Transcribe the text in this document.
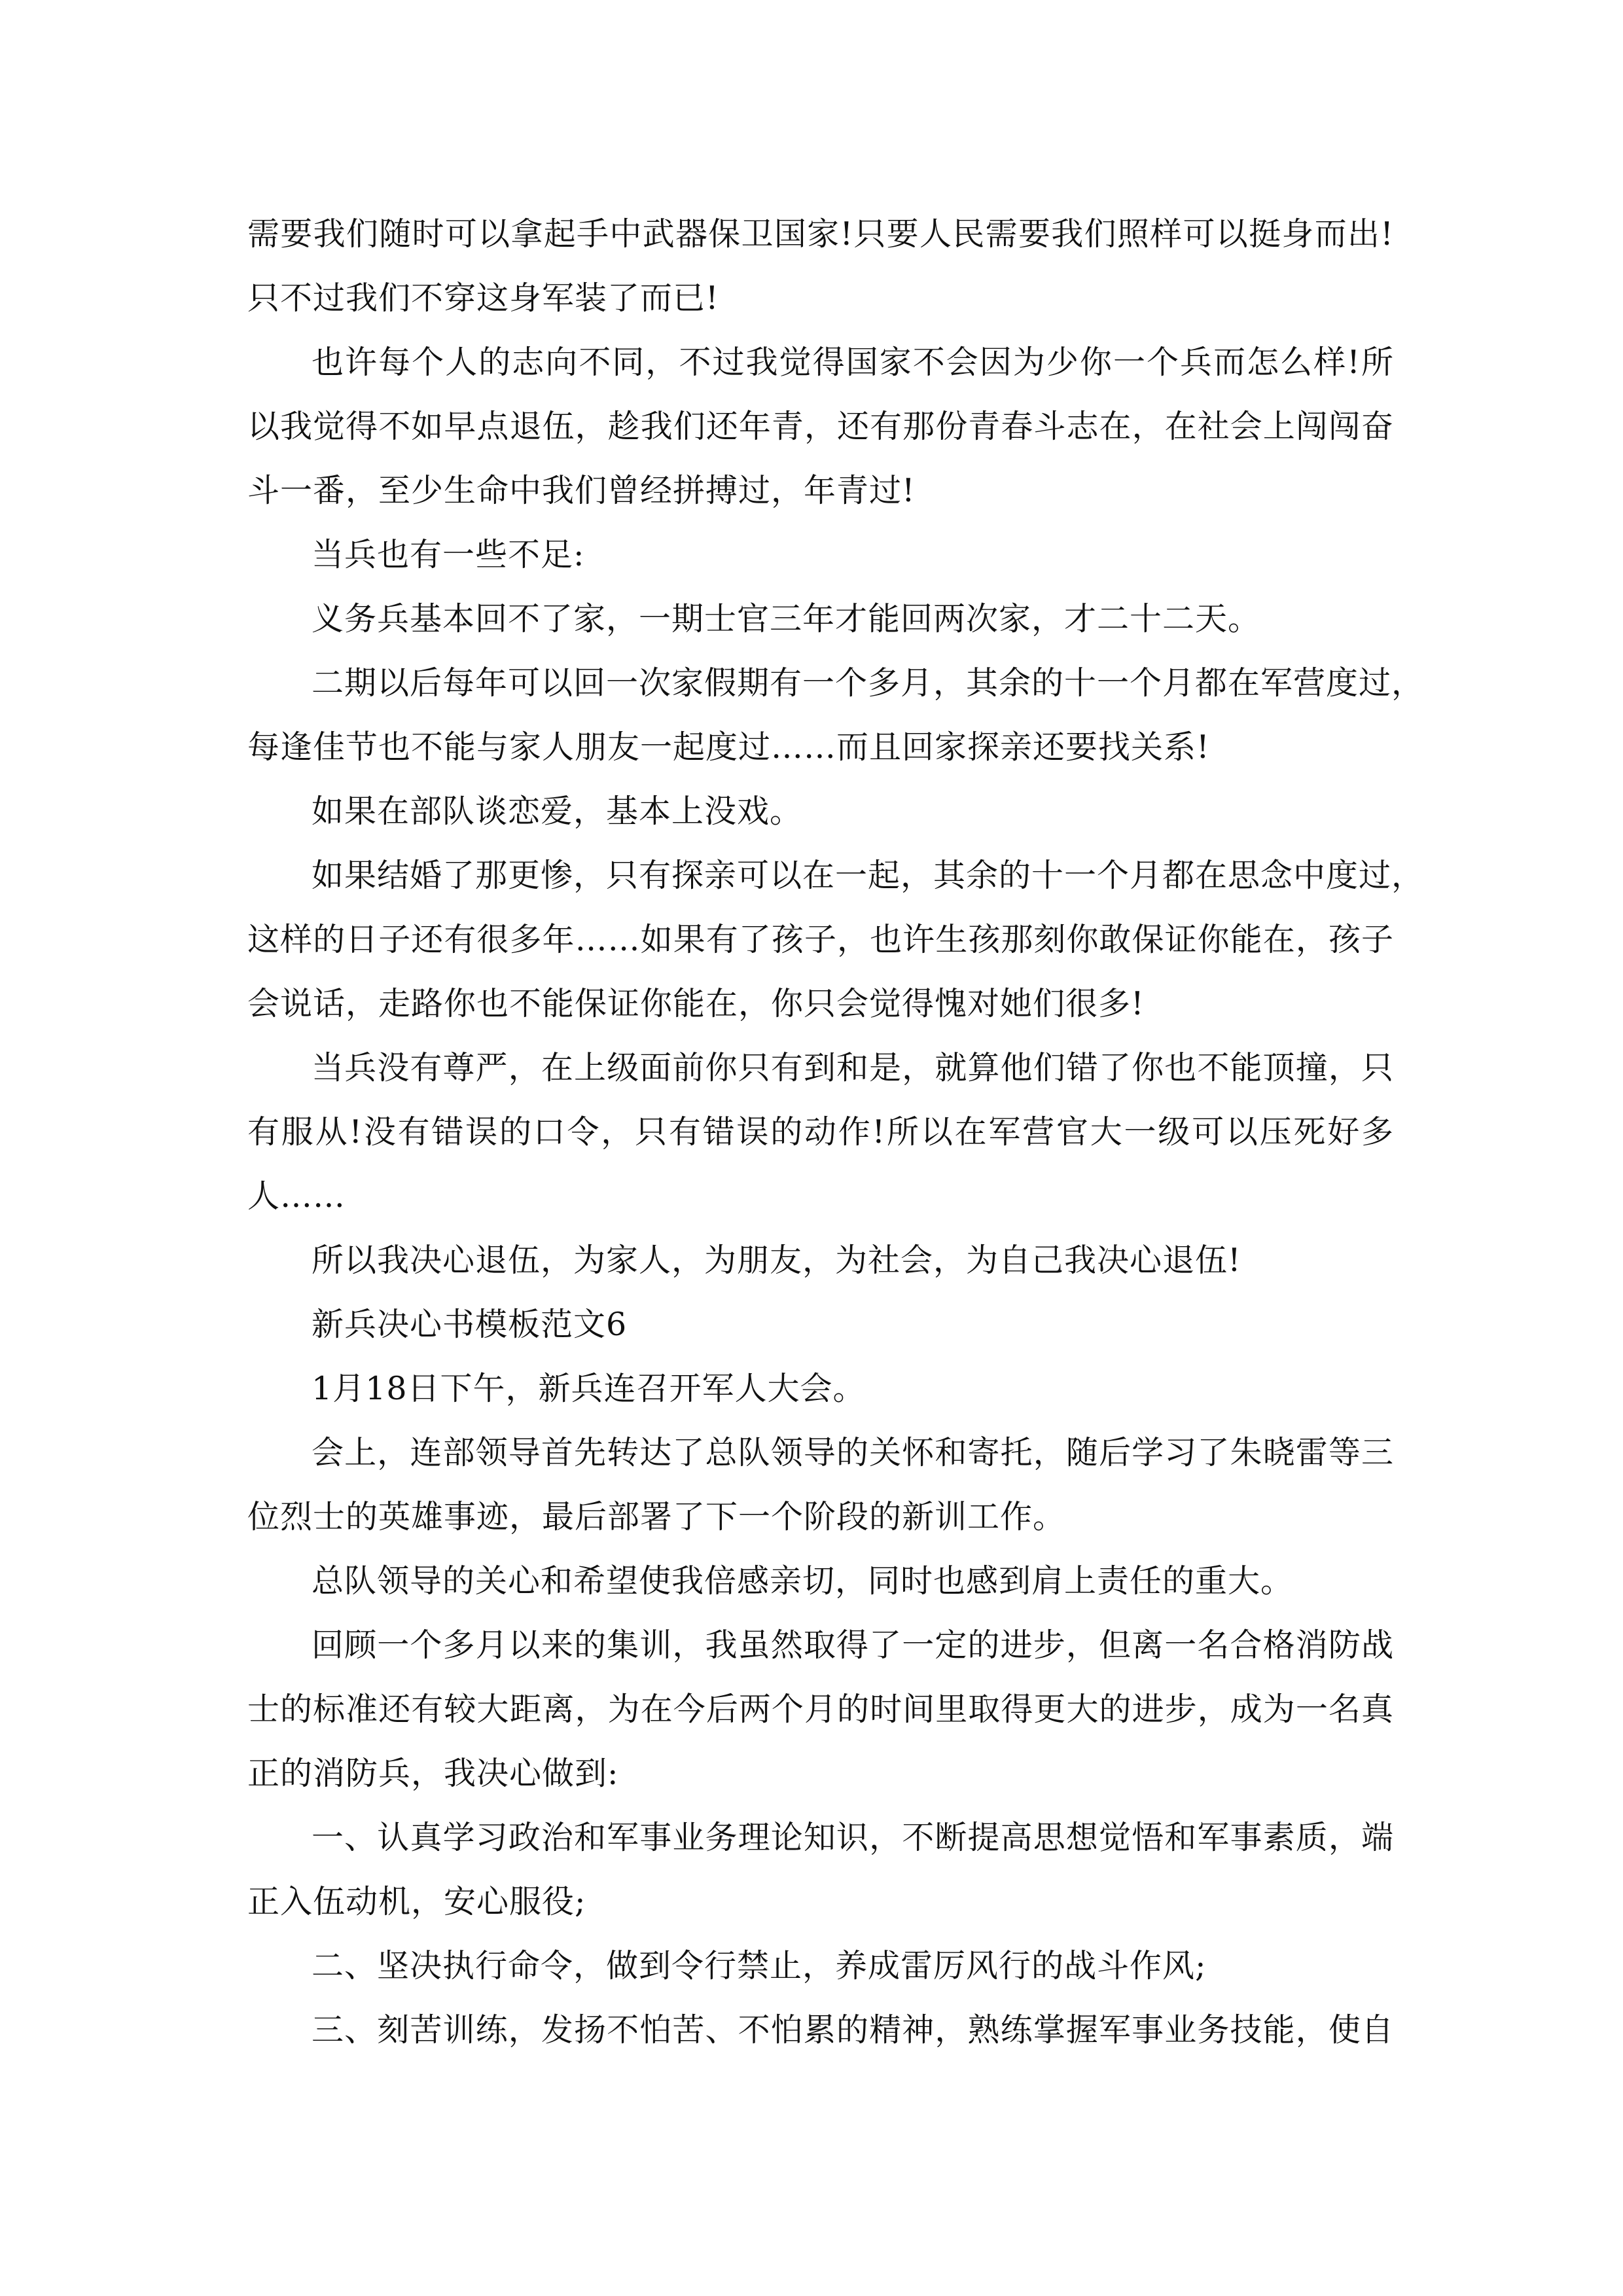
需要我们随时可以拿起手中武器保卫国家!只要人民需要我们照样可以挺身而出!
只不过我们不穿这身军装了而已!
也许每个人的志向不同，不过我觉得国家不会因为少你一个兵而怎么样!所
以我觉得不如早点退伍，趁我们还年青，还有那份青春斗志在，在社会上闯闯奋
斗一番，至少生命中我们曾经拼搏过，年青过!
当兵也有一些不足:
义务兵基本回不了家，一期士官三年才能回两次家，才二十二天。
二期以后每年可以回一次家假期有一个多月，其余的十一个月都在军营度过，
每逢佳节也不能与家人朋友一起度过……而且回家探亲还要找关系!
如果在部队谈恋爱，基本上没戏。
如果结婚了那更惨，只有探亲可以在一起，其余的十一个月都在思念中度过，
这样的日子还有很多年……如果有了孩子，也许生孩那刻你敢保证你能在，孩子
会说话，走路你也不能保证你能在，你只会觉得愧对她们很多!
当兵没有尊严，在上级面前你只有到和是，就算他们错了你也不能顶撞，只
有服从!没有错误的口令，只有错误的动作!所以在军营官大一级可以压死好多
人……
所以我决心退伍，为家人，为朋友，为社会，为自己我决心退伍!
新兵决心书模板范文6
1月18日下午，新兵连召开军人大会。
会上，连部领导首先转达了总队领导的关怀和寄托，随后学习了朱晓雷等三
位烈士的英雄事迹，最后部署了下一个阶段的新训工作。
总队领导的关心和希望使我倍感亲切，同时也感到肩上责任的重大。
回顾一个多月以来的集训，我虽然取得了一定的进步，但离一名合格消防战
士的标准还有较大距离，为在今后两个月的时间里取得更大的进步，成为一名真
正的消防兵，我决心做到:
一、认真学习政治和军事业务理论知识，不断提高思想觉悟和军事素质，端
正入伍动机，安心服役;
二、坚决执行命令，做到令行禁止，养成雷厉风行的战斗作风;
三、刻苦训练，发扬不怕苦、不怕累的精神，熟练掌握军事业务技能，使自
